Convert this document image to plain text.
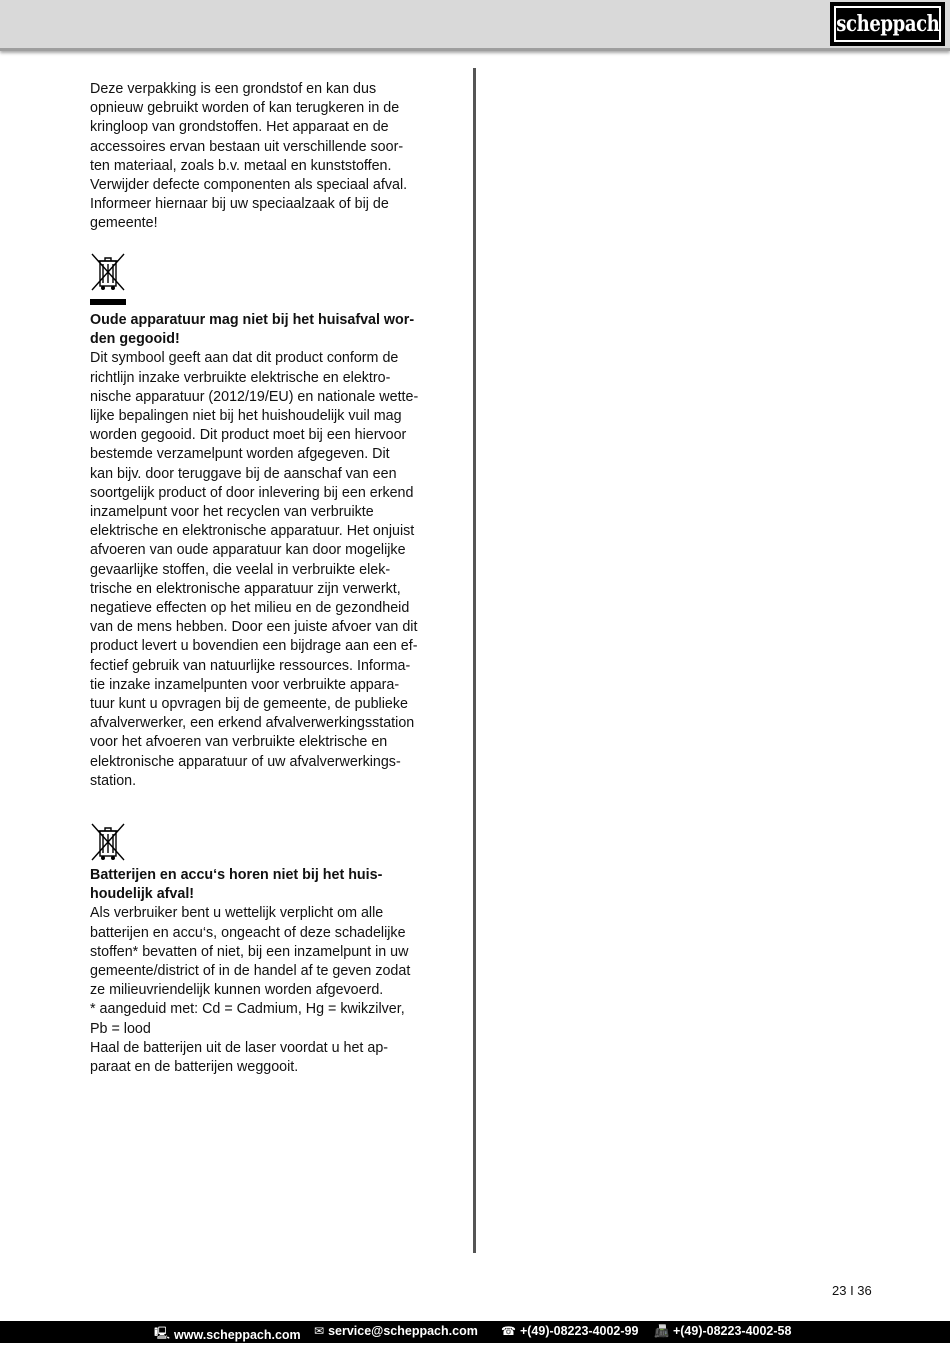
scheppach
Deze verpakking is een grondstof en kan dus
opnieuw gebruikt worden of kan terugkeren in de
kringloop van grondstoffen. Het apparaat en de
accessoires ervan bestaan uit verschillende soor-
ten materiaal, zoals b.v. metaal en kunststoffen.
Verwijder defecte componenten als speciaal afval.
Informeer hiernaar bij uw speciaalzaak of bij de
gemeente!
Oude apparatuur mag niet bij het huisafval wor-
den gegooid!
Dit symbool geeft aan dat dit product conform de
richtlijn inzake verbruikte elektrische en elektro-
nische apparatuur (2012/19/EU) en nationale wette-
lijke bepalingen niet bij het huishoudelijk vuil mag
worden gegooid. Dit product moet bij een hiervoor
bestemde verzamelpunt worden afgegeven. Dit
kan bijv. door teruggave bij de aanschaf van een
soortgelijk product of door inlevering bij een erkend
inzamelpunt voor het recyclen van verbruikte
elektrische en elektronische apparatuur. Het onjuist
afvoeren van oude apparatuur kan door mogelijke
gevaarlijke stoffen, die veelal in verbruikte elek-
trische en elektronische apparatuur zijn verwerkt,
negatieve effecten op het milieu en de gezondheid
van de mens hebben. Door een juiste afvoer van dit
product levert u bovendien een bijdrage aan een ef-
fectief gebruik van natuurlijke ressources. Informa-
tie inzake inzamelpunten voor verbruikte appara-
tuur kunt u opvragen bij de gemeente, de publieke
afvalverwerker, een erkend afvalverwerkingsstation
voor het afvoeren van verbruikte elektrische en
elektronische apparatuur of uw afvalverwerkings-
station.
Batterijen en accu‘s horen niet bij het huis-
houdelijk afval!
Als verbruiker bent u wettelijk verplicht om alle
batterijen en accu‘s, ongeacht of deze schadelijke
stoffen* bevatten of niet, bij een inzamelpunt in uw
gemeente/district of in de handel af te geven zodat
ze milieuvriendelijk kunnen worden afgevoerd.
* aangeduid met: Cd = Cadmium, Hg = kwikzilver,
Pb = lood
Haal de batterijen uit de laser voordat u het ap-
paraat en de batterijen weggooit.
23 I 36
🖳 www.scheppach.com ✉ service@scheppach.com ☎ +(49)-08223-4002-99 📠 +(49)-08223-4002-58
